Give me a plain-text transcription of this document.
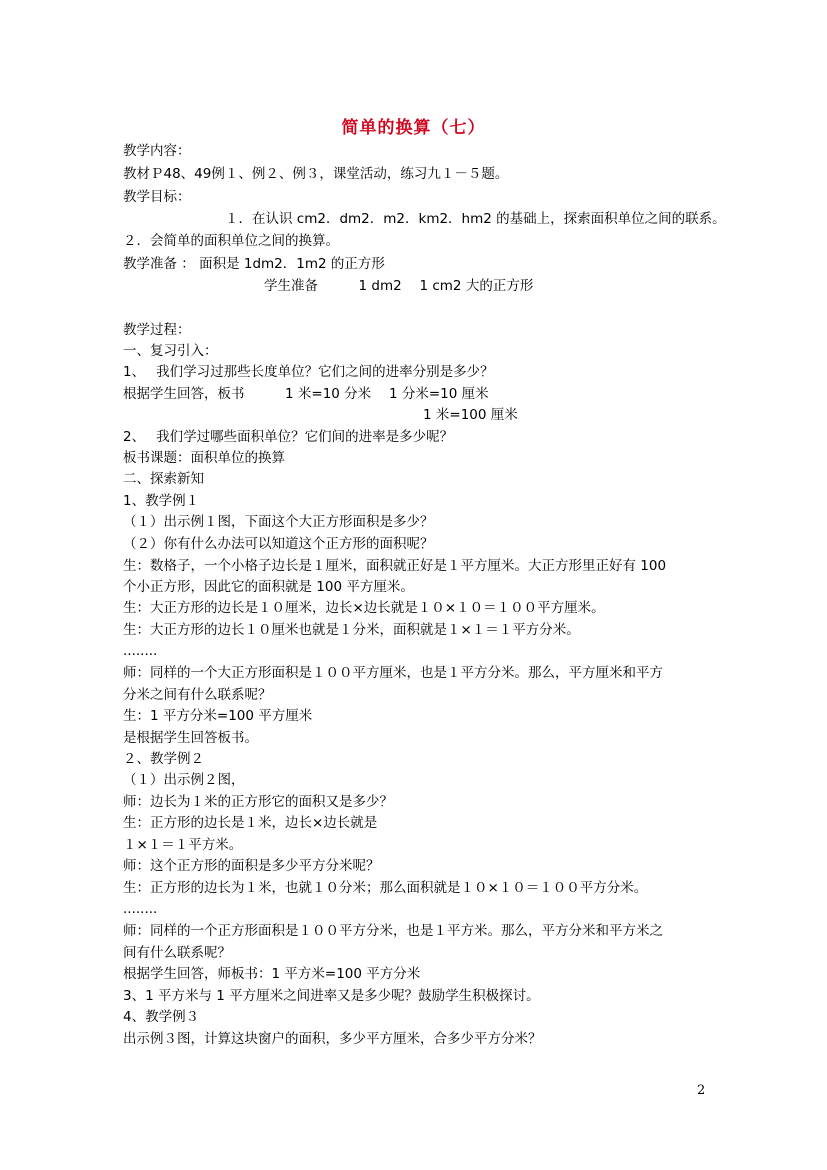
简单的换算（七）
教学内容：
教材Ｐ48、49例１、例２、例３，课堂活动，练习九１－５题。
教学目标：
１．在认识 cm2．dm2．m2．km2．hm2 的基础上，探索面积单位之间的联系。
２．会简单的面积单位之间的换算。
教学准备 ： 面积是 1dm2．1m2 的正方形
学生准备　　　1 dm2　 1 cm2 大的正方形
教学过程：
一、复习引入：
1、　 我们学习过那些长度单位？它们之间的进率分别是多少？
根据学生回答，板书　　　1 米=10 分米　 1 分米=10 厘米
1 米=100 厘米
2、　 我们学过哪些面积单位？它们间的进率是多少呢？
板书课题：面积单位的换算
二、探索新知
1、教学例１
（１）出示例１图，下面这个大正方形面积是多少？
（２）你有什么办法可以知道这个正方形的面积呢？
生：数格子，一个小格子边长是１厘米，面积就正好是１平方厘米。大正方形里正好有 100
个小正方形，因此它的面积就是 100 平方厘米。
生：大正方形的边长是１０厘米，边长×边长就是１０×１０＝１００平方厘米。
生：大正方形的边长１０厘米也就是１分米，面积就是１×１＝１平方分米。
........
师：同样的一个大正方形面积是１００平方厘米，也是１平方分米。那么，平方厘米和平方
分米之间有什么联系呢？
生：1 平方分米=100 平方厘米
是根据学生回答板书。
２、教学例２
（１）出示例２图，
师：边长为１米的正方形它的面积又是多少？
生：正方形的边长是１米，边长×边长就是
１×１＝１平方米。
师：这个正方形的面积是多少平方分米呢？
生：正方形的边长为１米，也就１０分米；那么面积就是１０×１０＝１００平方分米。
........
师：同样的一个正方形面积是１００平方分米，也是１平方米。那么，平方分米和平方米之
间有什么联系呢？
根据学生回答，师板书：1 平方米=100 平方分米
3、1 平方米与 1 平方厘米之间进率又是多少呢？鼓励学生积极探讨。
4、教学例３
出示例３图，计算这块窗户的面积，多少平方厘米，合多少平方分米？
2
